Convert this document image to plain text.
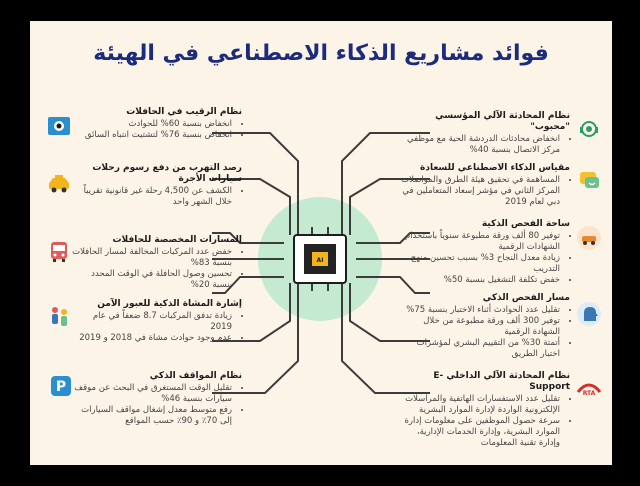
فوائد مشاريع الذكاء الاصطناعي في الهيئة
AI
نظام المحادثة الآلي المؤسسي "محبوب"
• انخفاض محادثات الدردشة الحية مع موظفي مركز الاتصال بنسبة 40%
مقياس الذكاء الاصطناعي للسعادة
• المساهمة في تحقيق هيئة الطرق والمواصلات المركز الثاني في مؤشر إسعاد المتعاملين في دبي لعام 2019
ساحة الفحص الذكية
• توفير 80 ألف ورقة مطبوعة سنوياً باستخدام الشهادات الرقمية
• زيادة معدل النجاح 3% بسبب تحسين منهج التدريب
• خفض تكلفة التشغيل بنسبة 50%
مسار الفحص الذكي
• تقليل عدد الحوادث أثناء الاختبار بنسبة 75%
• توفير 300 ألف ورقة مطبوعة من خلال الشهادة الرقمية
• أتمتة 30% من التقييم البشري لمؤشرات اختبار الطريق
RTA
نظام المحادثة الآلي الداخلي E-Support
• تقليل عدد الاستفسارات الهاتفية والمراسلات الإلكترونية الواردة لإدارة الموارد البشرية
• سرعة حصول الموظفين على معلومات إدارة الموارد البشرية، وإدارة الخدمات الإدارية، وإدارة تقنية المعلومات
نظام الرقيب في الحافلات
• انخفاض بنسبة 60% للحوادث
• انخفاض بنسبة 76% لتشتيت انتباه السائق
رصد التهرب من دفع رسوم رحلات سيارات الأجرة
• الكشف عن 4,500 رحلة غير قانونية تقريباً خلال الشهر واحد
المسارات المخصصة للحافلات
• خفض عدد المركبات المخالفة لمسار الحافلات بنسبة 83%
• تحسين وصول الحافلة في الوقت المحدد بنسبة 20%
إشارة المشاة الذكية للعبور الآمن
• زيادة تدفق المركبات 8.7 ضعفاً في عام 2019
• عدم وجود حوادث مشاة في 2018 و 2019
P
نظام المواقف الذكي
• تقليل الوقت المستغرق في البحث عن موقف سيارات بنسبة 46%
• رفع متوسط معدل إشغال مواقف السيارات إلى 70٪ و 90٪ حسب المواقع
